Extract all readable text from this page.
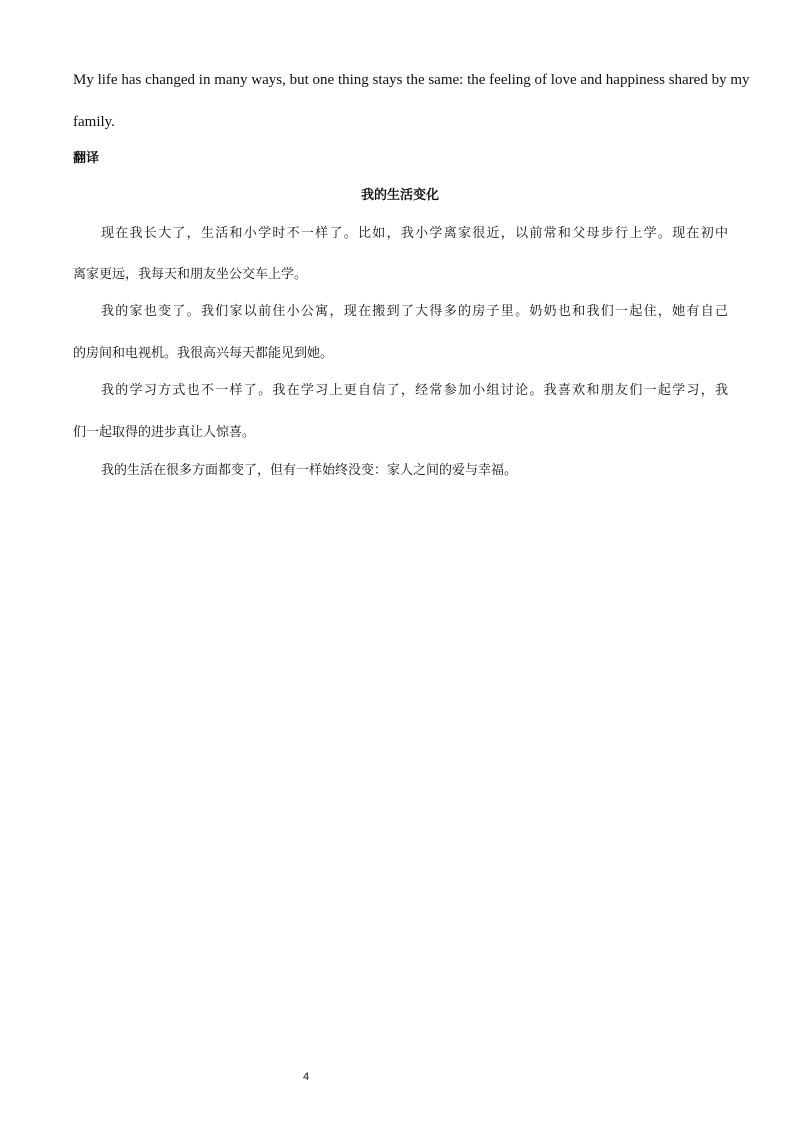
My life has changed in many ways, but one thing stays the same: the feeling of love and happiness shared by my
family.
翻译
我的生活变化
现在我长大了，生活和小学时不一样了。比如，我小学离家很近，以前常和父母步行上学。现在初中
离家更远，我每天和朋友坐公交车上学。
我的家也变了。我们家以前住小公寓，现在搬到了大得多的房子里。奶奶也和我们一起住，她有自己
的房间和电视机。我很高兴每天都能见到她。
我的学习方式也不一样了。我在学习上更自信了，经常参加小组讨论。我喜欢和朋友们一起学习，我
们一起取得的进步真让人惊喜。
我的生活在很多方面都变了，但有一样始终没变：家人之间的爱与幸福。
4
